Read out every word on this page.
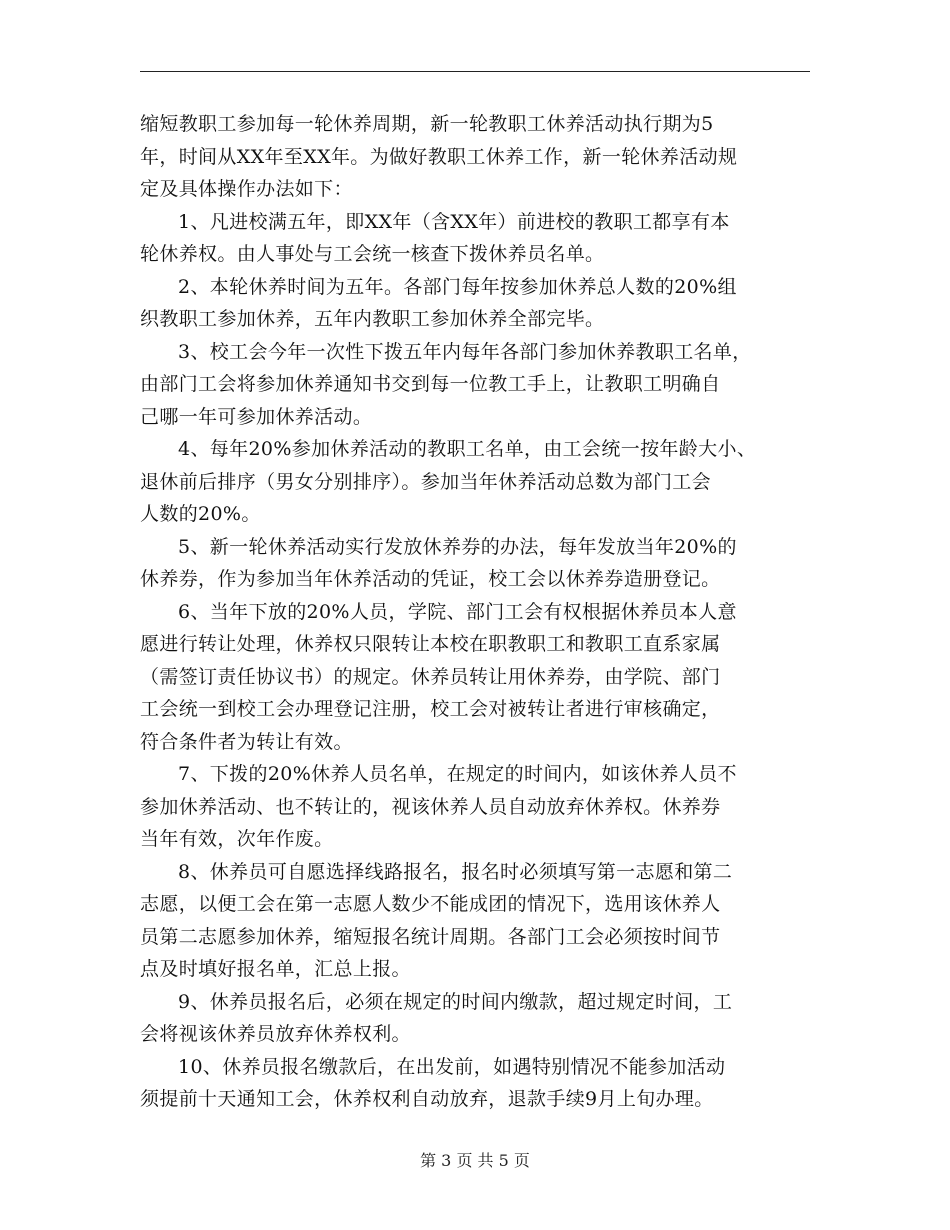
缩短教职工参加每一轮休养周期，新一轮教职工休养活动执行期为5
年，时间从XX年至XX年。为做好教职工休养工作，新一轮休养活动规
定及具体操作办法如下：
1、凡进校满五年，即XX年（含XX年）前进校的教职工都享有本
轮休养权。由人事处与工会统一核查下拨休养员名单。
2、本轮休养时间为五年。各部门每年按参加休养总人数的20%组
织教职工参加休养，五年内教职工参加休养全部完毕。
3、校工会今年一次性下拨五年内每年各部门参加休养教职工名单，
由部门工会将参加休养通知书交到每一位教工手上，让教职工明确自
己哪一年可参加休养活动。
4、每年20%参加休养活动的教职工名单，由工会统一按年龄大小、
退休前后排序（男女分别排序）。参加当年休养活动总数为部门工会
人数的20%。
5、新一轮休养活动实行发放休养券的办法，每年发放当年20%的
休养券，作为参加当年休养活动的凭证，校工会以休养券造册登记。
6、当年下放的20%人员，学院、部门工会有权根据休养员本人意
愿进行转让处理，休养权只限转让本校在职教职工和教职工直系家属
（需签订责任协议书）的规定。休养员转让用休养券，由学院、部门
工会统一到校工会办理登记注册，校工会对被转让者进行审核确定，
符合条件者为转让有效。
7、下拨的20%休养人员名单，在规定的时间内，如该休养人员不
参加休养活动、也不转让的，视该休养人员自动放弃休养权。休养券
当年有效，次年作废。
8、休养员可自愿选择线路报名，报名时必须填写第一志愿和第二
志愿，以便工会在第一志愿人数少不能成团的情况下，选用该休养人
员第二志愿参加休养，缩短报名统计周期。各部门工会必须按时间节
点及时填好报名单，汇总上报。
9、休养员报名后，必须在规定的时间内缴款，超过规定时间，工
会将视该休养员放弃休养权利。
10、休养员报名缴款后，在出发前，如遇特别情况不能参加活动
须提前十天通知工会，休养权利自动放弃，退款手续9月上旬办理。
第 3 页 共 5 页
